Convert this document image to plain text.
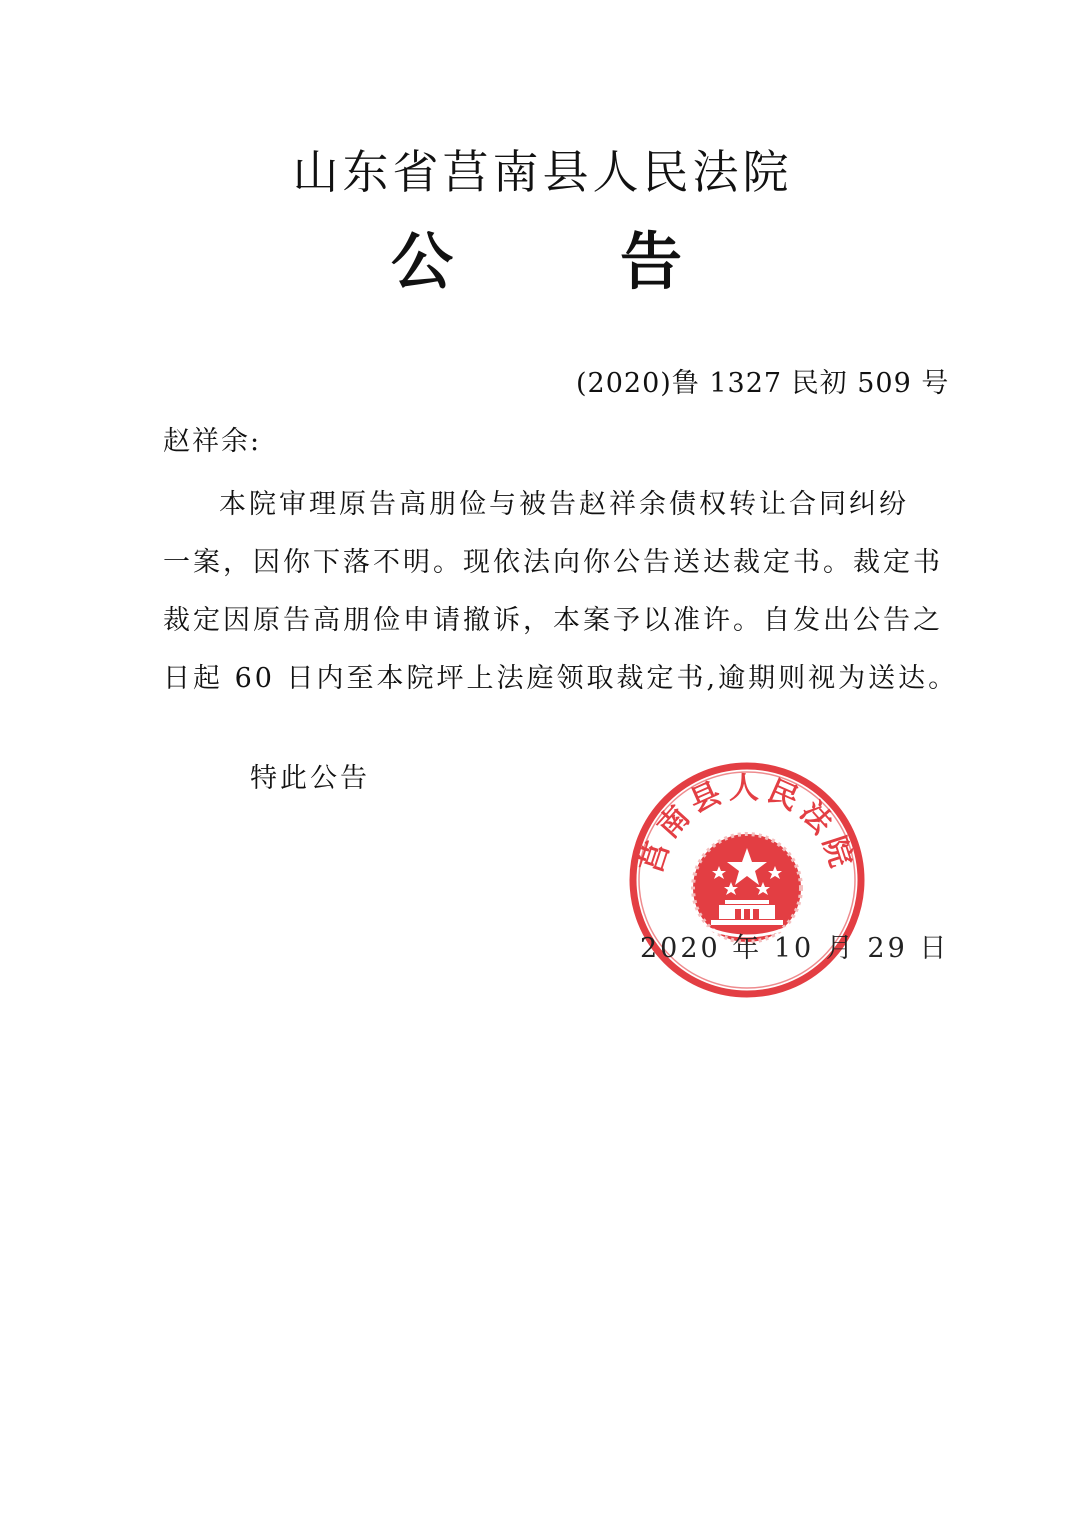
山东省莒南县人民法院
公	告
(2020)鲁 1327 民初 509 号
赵祥余:
本院审理原告高朋俭与被告赵祥余债权转让合同纠纷
一案，因你下落不明。现依法向你公告送达裁定书。裁定书
裁定因原告高朋俭申请撤诉，本案予以准许。自发出公告之
日起 60 日内至本院坪上法庭领取裁定书,逾期则视为送达。
特此公告
莒南县人民法院
2020 年 10 月 29 日
